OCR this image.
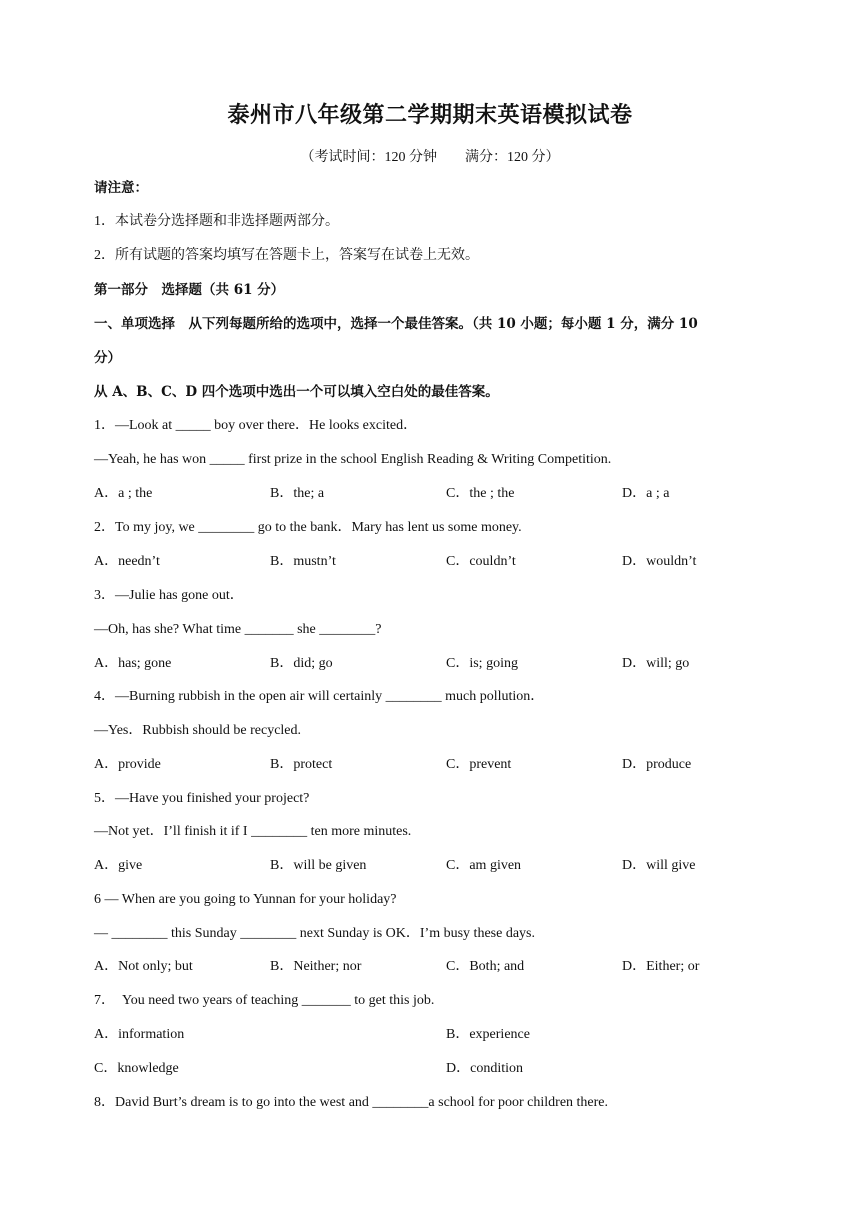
泰州市八年级第二学期期末英语模拟试卷
（考试时间：120 分钟　　满分：120 分）
请注意：
1．本试卷分选择题和非选择题两部分。
2．所有试题的答案均填写在答题卡上，答案写在试卷上无效。
第一部分　选择题（共 61 分）
一、单项选择　从下列每题所给的选项中，选择一个最佳答案。（共 10 小题；每小题 1 分，满分 10
分）
从 A、B、C、D 四个选项中选出一个可以填入空白处的最佳答案。
1．—Look at _____ boy over there．He looks excited．
—Yeah, he has won _____ first prize in the school English Reading & Writing Competition.
A．a ; the	B．the; a	C．the ; the	D．a ; a
2．To my joy, we ________ go to the bank．Mary has lent us some money.
A．needn’t	B．mustn’t	C．couldn’t	D．wouldn’t
3．—Julie has gone out．
—Oh, has she? What time _______ she ________?
A．has; gone	B．did; go	C．is; going	D．will; go
4．—Burning rubbish in the open air will certainly ________ much pollution．
—Yes．Rubbish should be recycled.
A．provide	B．protect	C．prevent	D．produce
5．—Have you finished your project?
—Not yet．I’ll finish it if I ________ ten more minutes.
A．give	B．will be given	C．am given	D．will give
6 — When are you going to Yunnan for your holiday?
— ________ this Sunday ________ next Sunday is OK．I’m busy these days.
A．Not only; but	B．Neither; nor	C．Both; and	D．Either; or
7．　You need two years of teaching _______ to get this job.
A．information	B．experience
C．knowledge	D．condition
8．David Burt’s dream is to go into the west and ________a school for poor children there.
